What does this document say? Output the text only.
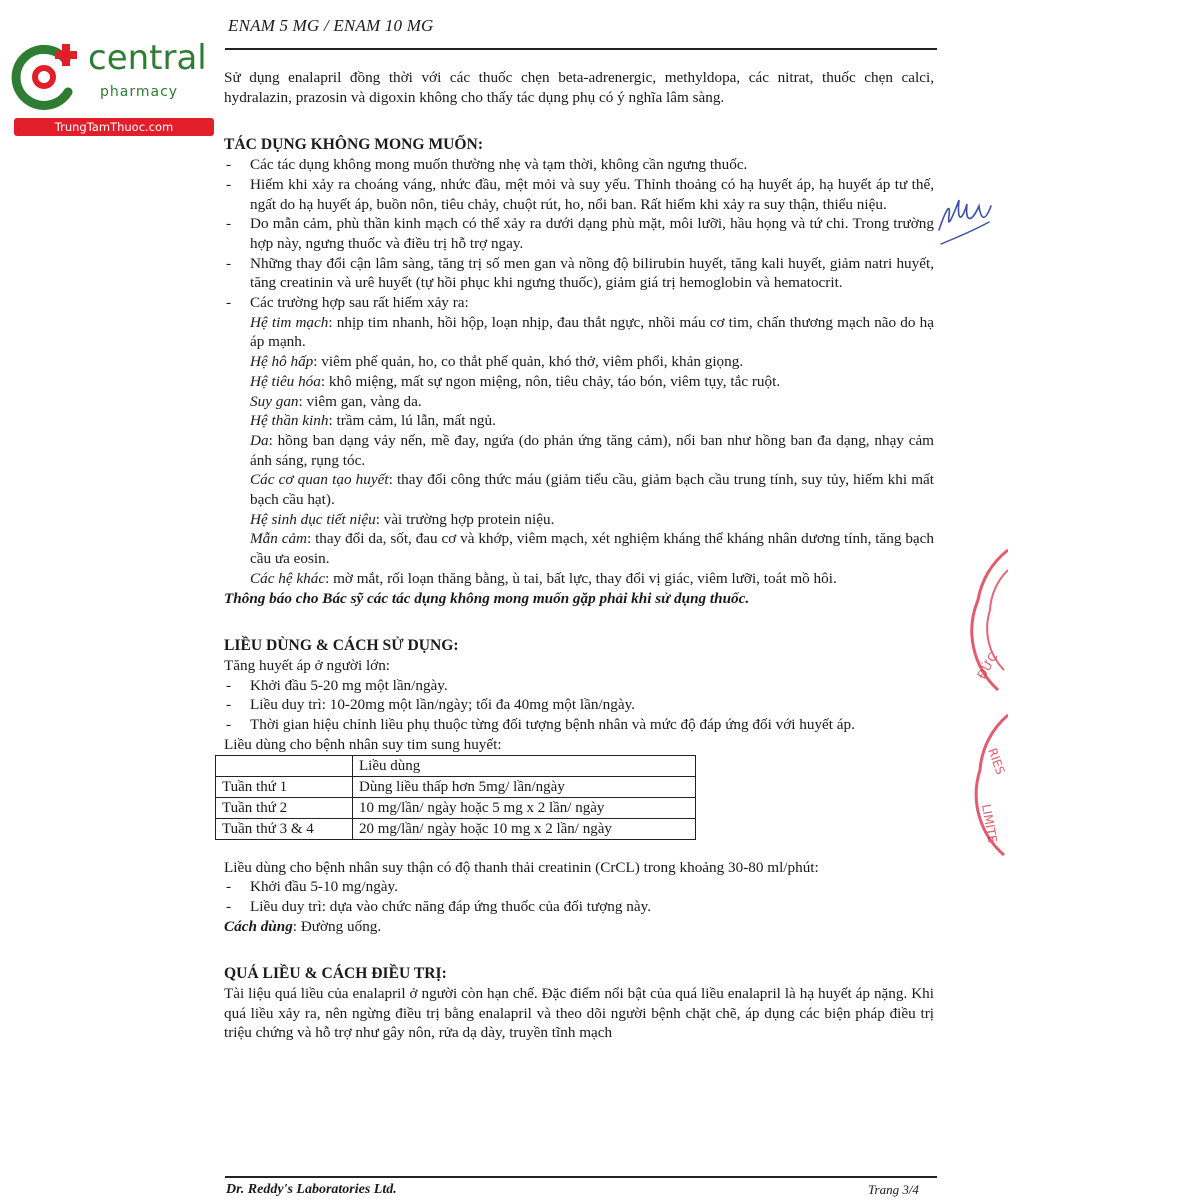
central
pharmacy
TrungTamThuoc.com
ENAM 5 MG / ENAM 10 MG

Sử dụng enalapril đồng thời với các thuốc chẹn beta-adrenergic, methyldopa, các nitrat, thuốc chẹn calci, hydralazin, prazosin và digoxin không cho thấy tác dụng phụ có ý nghĩa lâm sàng.

TÁC DỤNG KHÔNG MONG MUỐN:

- Các tác dụng không mong muốn thường nhẹ và tạm thời, không cần ngưng thuốc.
- Hiếm khi xảy ra choáng váng, nhức đầu, mệt mỏi và suy yếu. Thỉnh thoảng có hạ huyết áp, hạ huyết áp tư thế, ngất do hạ huyết áp, buồn nôn, tiêu chảy, chuột rút, ho, nổi ban. Rất hiếm khi xảy ra suy thận, thiểu niệu.
- Do mẫn cảm, phù thần kinh mạch có thể xảy ra dưới dạng phù mặt, môi lưỡi, hầu họng và tứ chi. Trong trường hợp này, ngưng thuốc và điều trị hỗ trợ ngay.
- Những thay đổi cận lâm sàng, tăng trị số men gan và nồng độ bilirubin huyết, tăng kali huyết, giảm natri huyết, tăng creatinin và urê huyết (tự hồi phục khi ngưng thuốc), giảm giá trị hemoglobin và hematocrit.
- Các trường hợp sau rất hiếm xảy ra:

Hệ tim mạch: nhịp tim nhanh, hồi hộp, loạn nhịp, đau thắt ngực, nhồi máu cơ tim, chấn thương mạch não do hạ áp mạnh.

Hệ hô hấp: viêm phế quản, ho, co thắt phế quản, khó thở, viêm phổi, khản giọng.

Hệ tiêu hóa: khô miệng, mất sự ngon miệng, nôn, tiêu chảy, táo bón, viêm tụy, tắc ruột.

Suy gan: viêm gan, vàng da.

Hệ thần kinh: trầm cảm, lú lẫn, mất ngủ.

Da: hồng ban dạng vảy nến, mề đay, ngứa (do phản ứng tăng cảm), nổi ban như hồng ban đa dạng, nhạy cảm ánh sáng, rụng tóc.

Các cơ quan tạo huyết: thay đổi công thức máu (giảm tiểu cầu, giảm bạch cầu trung tính, suy tủy, hiếm khi mất bạch cầu hạt).

Hệ sinh dục tiết niệu: vài trường hợp protein niệu.

Mẫn cảm: thay đổi da, sốt, đau cơ và khớp, viêm mạch, xét nghiệm kháng thể kháng nhân dương tính, tăng bạch cầu ưa eosin.

Các hệ khác: mờ mắt, rối loạn thăng bằng, ù tai, bất lực, thay đổi vị giác, viêm lưỡi, toát mồ hôi.

Thông báo cho Bác sỹ các tác dụng không mong muốn gặp phải khi sử dụng thuốc.

LIỀU DÙNG & CÁCH SỬ DỤNG:

Tăng huyết áp ở người lớn:

- Khởi đầu 5-20 mg một lần/ngày.
- Liều duy trì: 10-20mg một lần/ngày; tối đa 40mg một lần/ngày.
- Thời gian hiệu chỉnh liều phụ thuộc từng đối tượng bệnh nhân và mức độ đáp ứng đối với huyết áp.

Liều dùng cho bệnh nhân suy tim sung huyết:

	Liều dùng
Tuần thứ 1	Dùng liều thấp hơn 5mg/ lần/ngày
Tuần thứ 2	10 mg/lần/ ngày hoặc 5 mg x 2 lần/ ngày
Tuần thứ 3 & 4	20 mg/lần/ ngày hoặc 10 mg x 2 lần/ ngày

Liều dùng cho bệnh nhân suy thận có độ thanh thải creatinin (CrCL) trong khoảng 30-80 ml/phút:

- Khởi đầu 5-10 mg/ngày.
- Liều duy trì: dựa vào chức năng đáp ứng thuốc của đối tượng này.

Cách dùng: Đường uống.

QUÁ LIỀU & CÁCH ĐIỀU TRỊ:

Tài liệu quá liều của enalapril ở người còn hạn chế. Đặc điểm nổi bật của quá liều enalapril là hạ huyết áp nặng. Khi quá liều xảy ra, nên ngừng điều trị bằng enalapril và theo dõi người bệnh chặt chẽ, áp dụng các biện pháp điều trị triệu chứng và hỗ trợ như gây nôn, rửa dạ dày, truyền tĩnh mạch

ĐỨC
RIES
LIMITE
Dr. Reddy's Laboratories Ltd.	Trang 3/4
